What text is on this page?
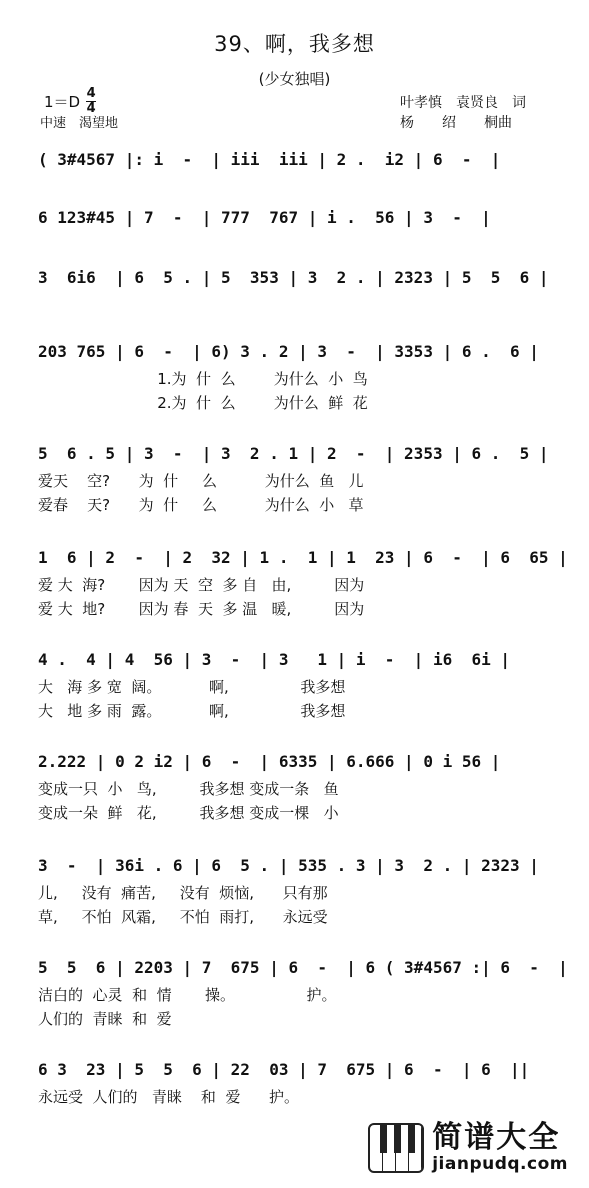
39、啊，我多想
(少女独唱)
1＝D 4
4
中速　渴望地
叶孝慎　袁贤良　词
杨　　绍　　桐曲
( 3#4567 |: i  -  | iii  iii | 2 .  i2 | 6  -  |
6 123#45 | 7  -  | 777  767 | i .  56 | 3  -  |
3  6i6  | 6  5 . | 5  353 | 3  2 . | 2323 | 5  5  6 |
203 765 | 6  -  | 6) 3 . 2 | 3  -  | 3353 | 6 .  6 |
1.为  什  么        为什么  小  鸟
2.为  什  么        为什么  鲜  花
5  6 . 5 | 3  -  | 3  2 . 1 | 2  -  | 2353 | 6 .  5 |
爱天    空?      为  什     么          为什么  鱼   儿
爱春    天?      为  什     么          为什么  小   草
1  6 | 2  -  | 2  32 | 1 .  1 | 1  23 | 6  -  | 6  65 |
爱 大  海?       因为 天  空  多 自   由,         因为
爱 大  地?       因为 春  天  多 温   暖,         因为
4 .  4 | 4  56 | 3  -  | 3   1 | i  -  | i6  6i |
大   海 多 宽  阔。          啊,               我多想
大   地 多 雨  露。          啊,               我多想
2.222 | 0 2 i2 | 6  -  | 6335 | 6.666 | 0 i 56 |
变成一只  小   鸟,         我多想 变成一条   鱼
变成一朵  鲜   花,         我多想 变成一棵   小
3  -  | 36i . 6 | 6  5 . | 535 . 3 | 3  2 . | 2323 |
儿,     没有  痛苦,     没有  烦恼,      只有那
草,     不怕  风霜,     不怕  雨打,      永远受
5  5  6 | 2203 | 7  675 | 6  -  | 6 ( 3#4567 :| 6  -  |
洁白的  心灵  和  情       操。               护。
人们的  青睐  和  爱
6 3  23 | 5  5  6 | 22  03 | 7  675 | 6  -  | 6  ||
永远受  人们的   青睐    和  爱      护。
简谱大全
jianpudq.com
